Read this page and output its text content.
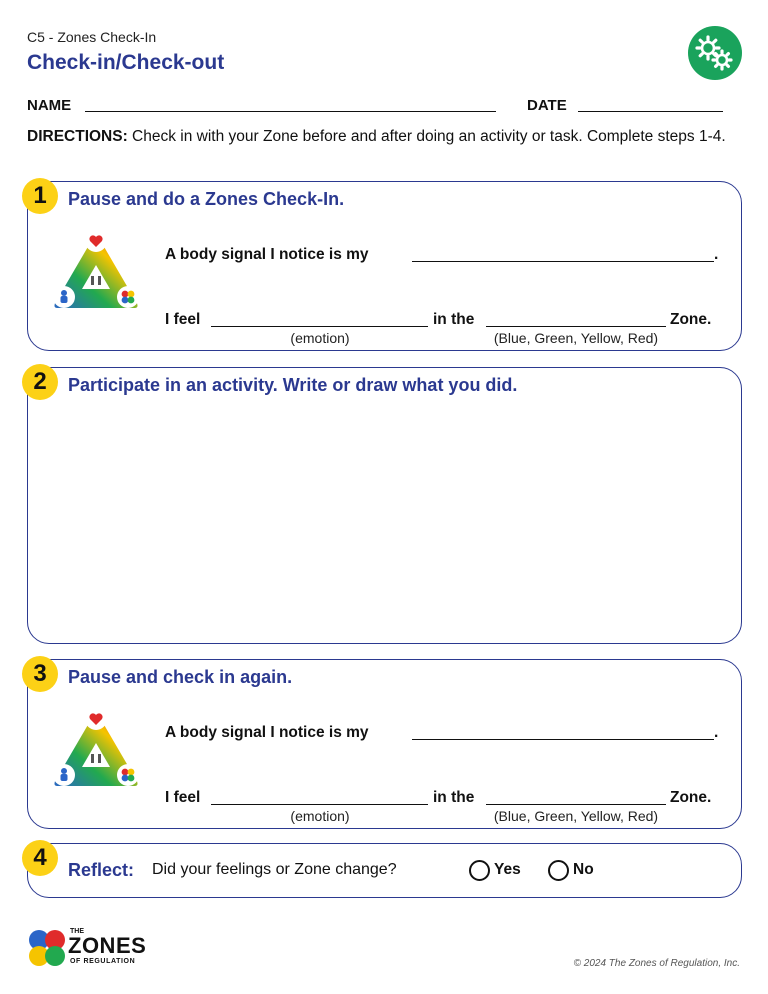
C5 - Zones Check-In
Check-in/Check-out
NAME	DATE
DIRECTIONS: Check in with your Zone before and after doing an activity or task. Complete steps 1-4.
1	Pause and do a Zones Check-In.
A body signal I notice is my	.
I feel	in the	Zone.
(emotion)	(Blue, Green, Yellow, Red)
2	Participate in an activity. Write or draw what you did.
3	Pause and check in again.
A body signal I notice is my	.
I feel	in the	Zone.
(emotion)	(Blue, Green, Yellow, Red)
4	Reflect: Did your feelings or Zone change?	Yes	No
THE
ZONES
OF REGULATION	© 2024 The Zones of Regulation, Inc.
